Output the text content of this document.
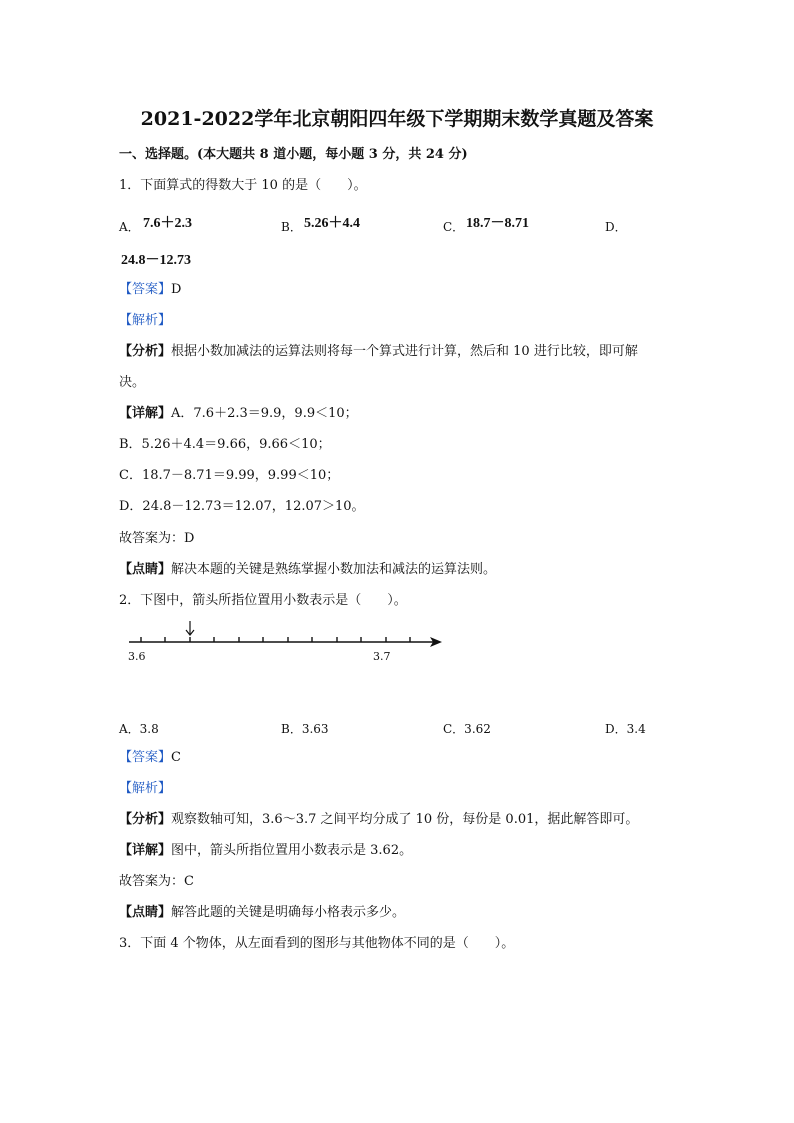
2021-2022学年北京朝阳四年级下学期期末数学真题及答案
一、选择题。(本大题共 8 道小题，每小题 3 分，共 24 分)
1．下面算式的得数大于 10 的是（　　）。
A． 7.6＋2.3	B． 5.26＋4.4	C． 18.7－8.71	D．
24.8－12.73
【答案】D
【解析】
【分析】根据小数加减法的运算法则将每一个算式进行计算，然后和 10 进行比较，即可解
决。
【详解】A．7.6＋2.3＝9.9，9.9＜10；
B．5.26＋4.4＝9.66，9.66＜10；
C．18.7－8.71＝9.99，9.99＜10；
D．24.8－12.73＝12.07，12.07＞10。
故答案为：D
【点睛】解决本题的关键是熟练掌握小数加法和减法的运算法则。
2．下图中，箭头所指位置用小数表示是（　　）。
3.6	3.7
A．3.8	B．3.63	C．3.62	D．3.4
【答案】C
【解析】
【分析】观察数轴可知，3.6～3.7 之间平均分成了 10 份，每份是 0.01，据此解答即可。
【详解】图中，箭头所指位置用小数表示是 3.62。
故答案为：C
【点睛】解答此题的关键是明确每小格表示多少。
3．下面 4 个物体，从左面看到的图形与其他物体不同的是（　　）。
